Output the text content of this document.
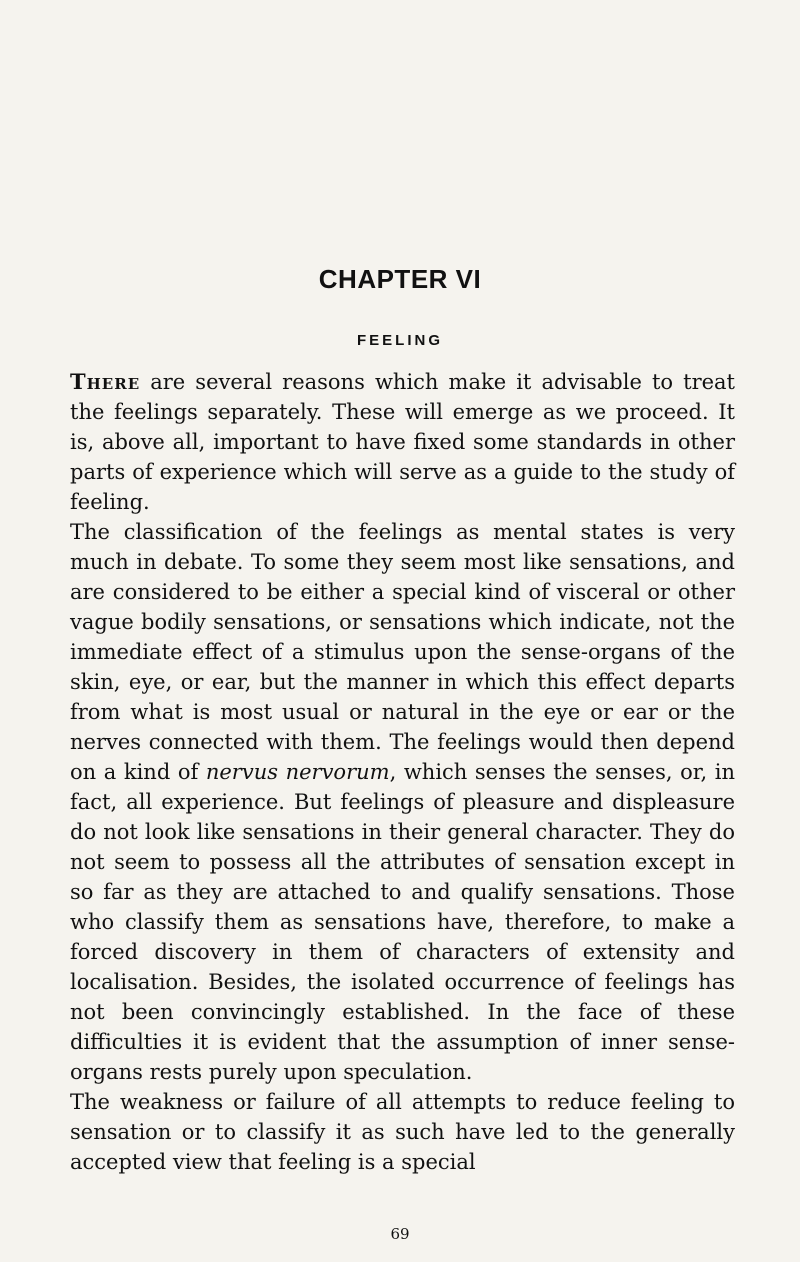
CHAPTER VI
FEELING

There are several reasons which make it advisable to treat the feelings separately. These will emerge as we proceed. It is, above all, important to have fixed some standards in other parts of experience which will serve as a guide to the study of feeling.

The classification of the feelings as mental states is very much in debate. To some they seem most like sensations, and are considered to be either a special kind of visceral or other vague bodily sensations, or sensations which indicate, not the immediate effect of a stimulus upon the sense-organs of the skin, eye, or ear, but the manner in which this effect departs from what is most usual or natural in the eye or ear or the nerves connected with them. The feelings would then depend on a kind of nervus nervorum, which senses the senses, or, in fact, all experience. But feelings of pleasure and displeasure do not look like sensations in their general character. They do not seem to possess all the attributes of sensation except in so far as they are attached to and qualify sensations. Those who classify them as sensations have, therefore, to make a forced discovery in them of characters of extensity and localisation. Besides, the isolated occurrence of feelings has not been convincingly established. In the face of these difficulties it is evident that the assumption of inner sense-organs rests purely upon speculation.

The weakness or failure of all attempts to reduce feeling to sensation or to classify it as such have led to the generally accepted view that feeling is a special

69
